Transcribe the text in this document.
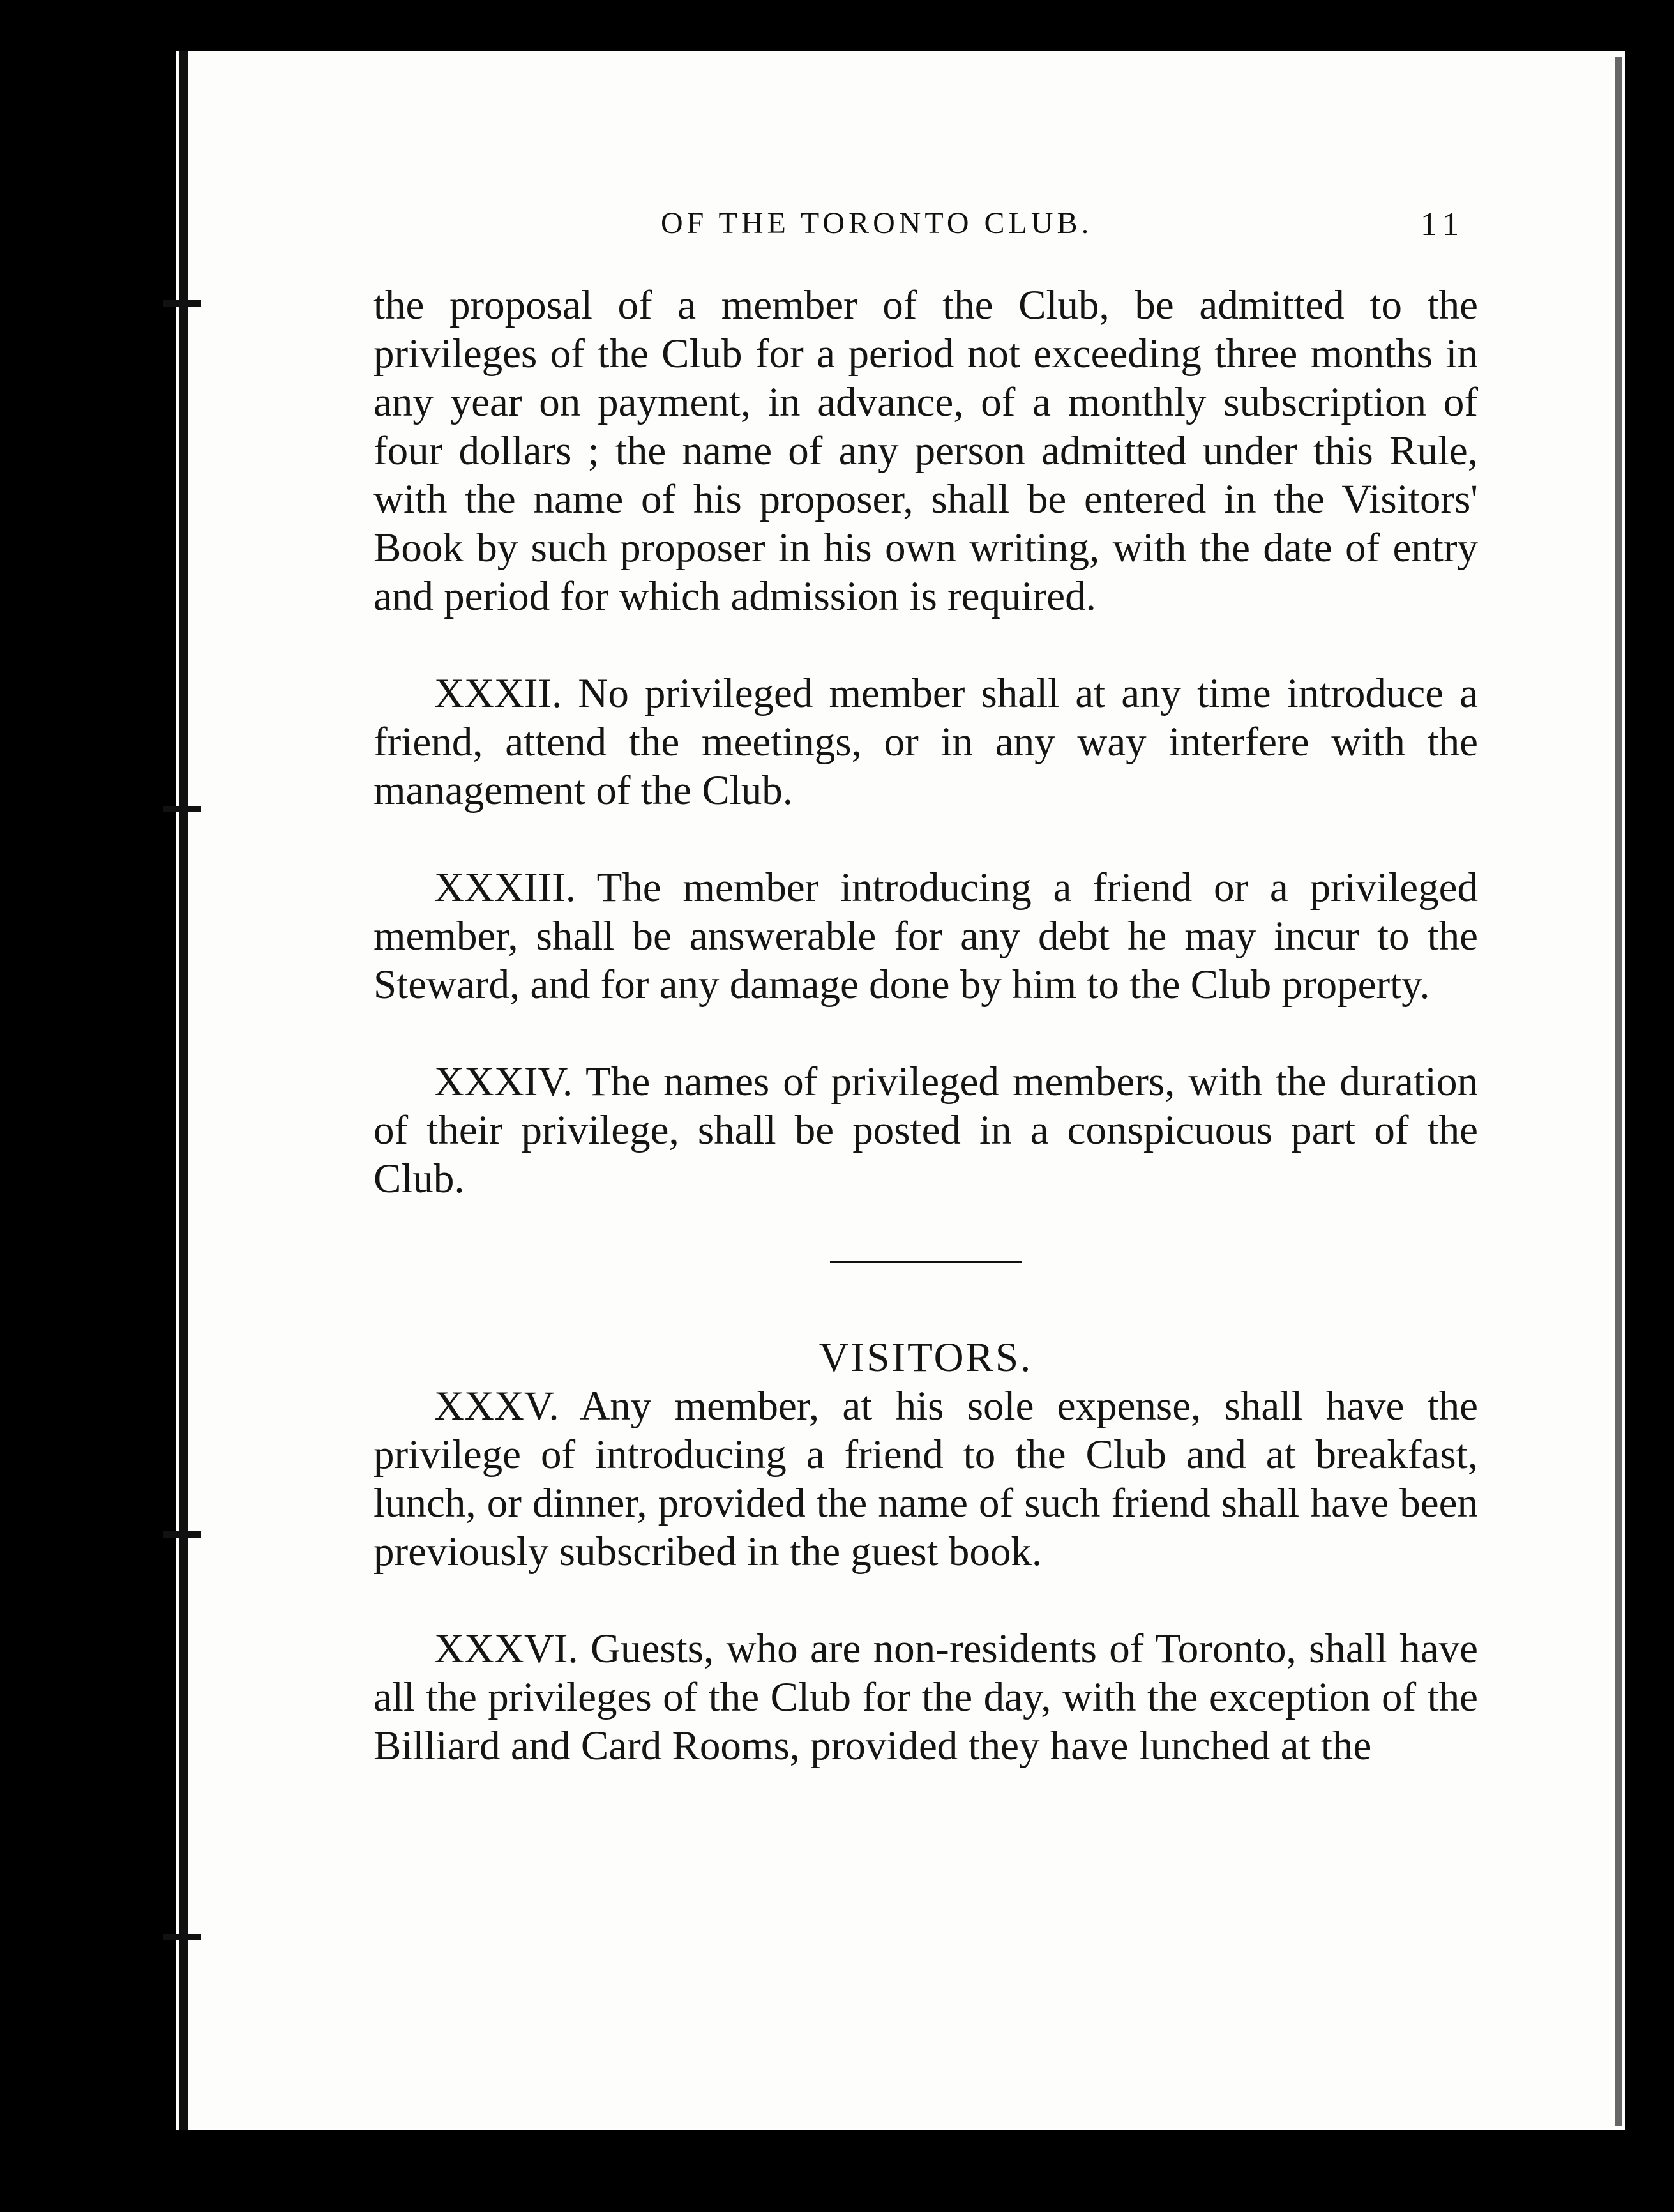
OF THE TORONTO CLUB.	11

the proposal of a member of the Club, be admitted to the privileges of the Club for a period not exceeding three months in any year on payment, in advance, of a monthly subscription of four dollars ; the name of any person admitted under this Rule, with the name of his proposer, shall be entered in the Visitors' Book by such proposer in his own writing, with the date of entry and period for which admission is required.

XXXII. No privileged member shall at any time introduce a friend, attend the meetings, or in any way interfere with the management of the Club.

XXXIII. The member introducing a friend or a privileged member, shall be answerable for any debt he may incur to the Steward, and for any damage done by him to the Club property.

XXXIV. The names of privileged members, with the duration of their privilege, shall be posted in a conspicuous part of the Club.

VISITORS.

XXXV. Any member, at his sole expense, shall have the privilege of introducing a friend to the Club and at breakfast, lunch, or dinner, provided the name of such friend shall have been previously subscribed in the guest book.

XXXVI. Guests, who are non-residents of Toronto, shall have all the privileges of the Club for the day, with the exception of the Billiard and Card Rooms, provided they have lunched at the
